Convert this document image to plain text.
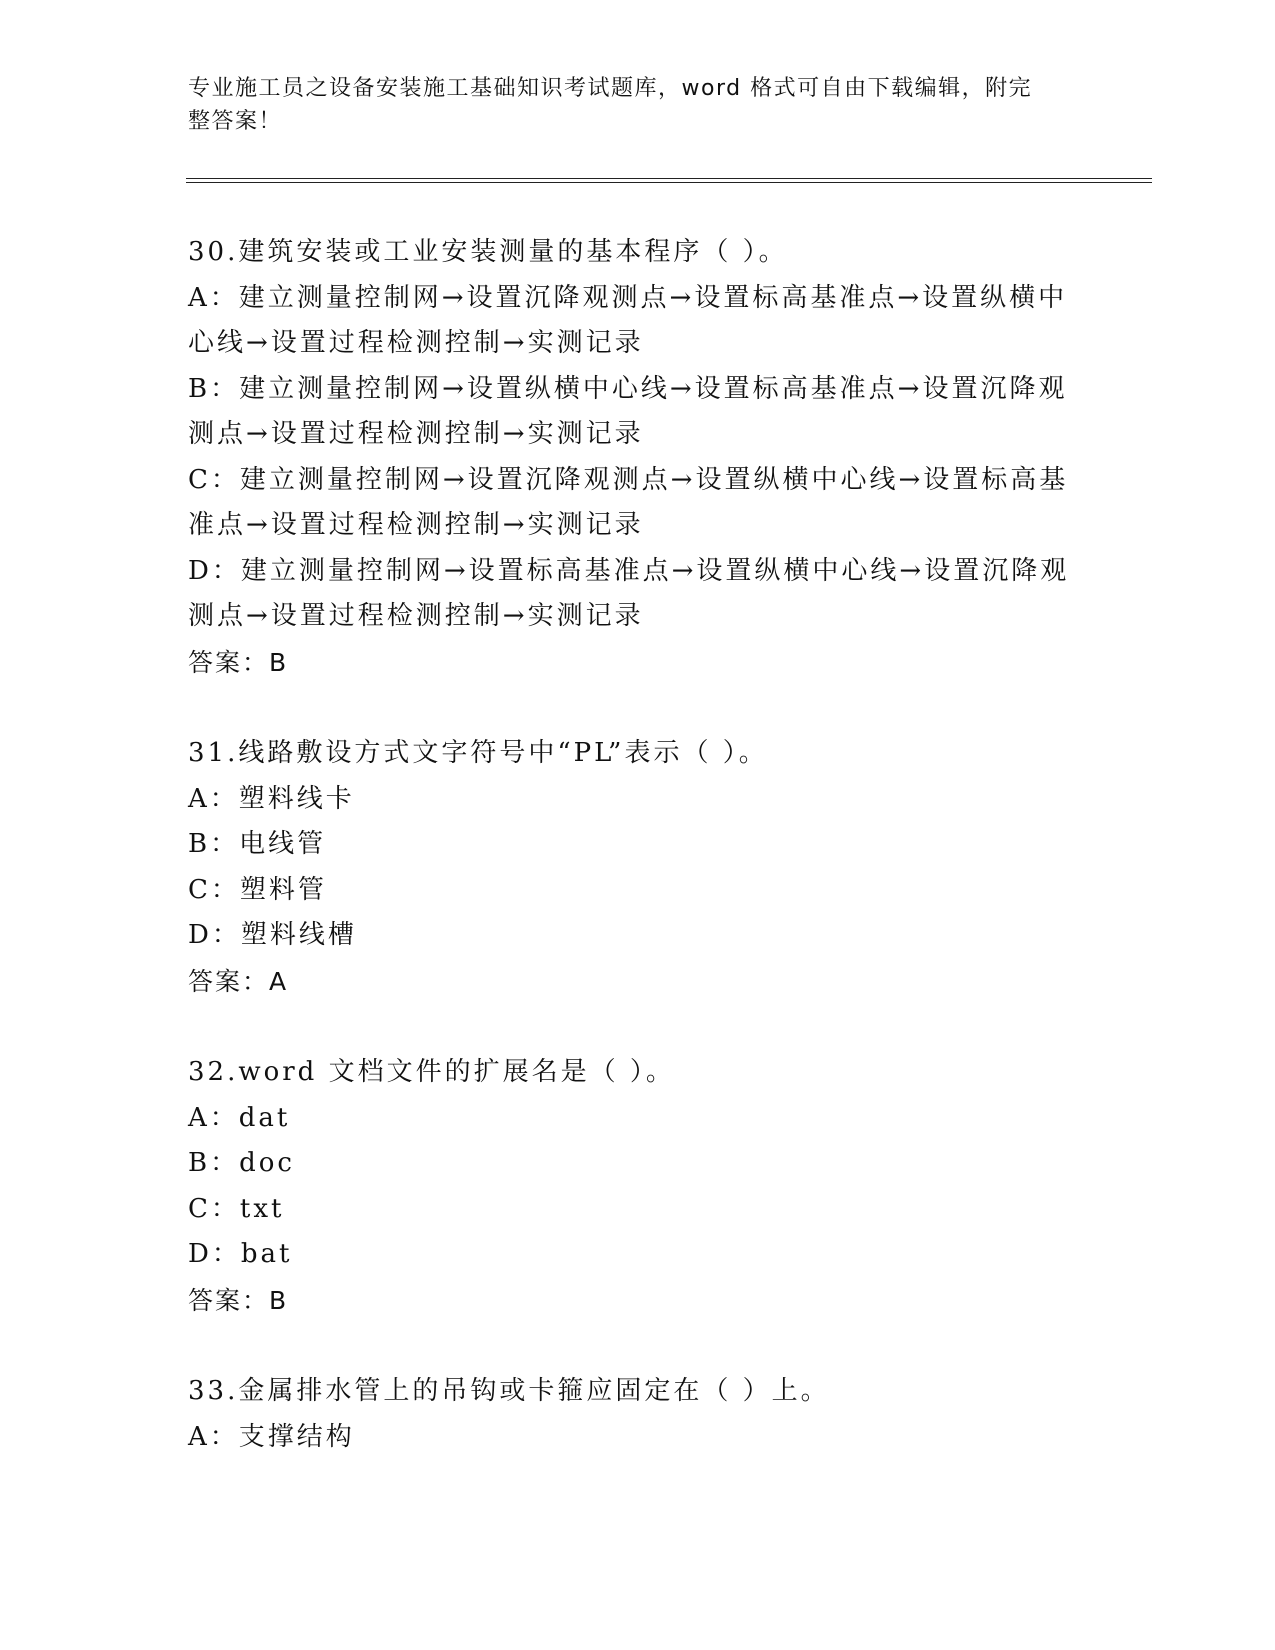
专业施工员之设备安装施工基础知识考试题库，word 格式可自由下载编辑，附完
整答案！

30.建筑安装或工业安装测量的基本程序（ ）。

A：建立测量控制网→设置沉降观测点→设置标高基准点→设置纵横中

心线→设置过程检测控制→实测记录

B：建立测量控制网→设置纵横中心线→设置标高基准点→设置沉降观

测点→设置过程检测控制→实测记录

C：建立测量控制网→设置沉降观测点→设置纵横中心线→设置标高基

准点→设置过程检测控制→实测记录

D：建立测量控制网→设置标高基准点→设置纵横中心线→设置沉降观

测点→设置过程检测控制→实测记录

答案：B

31.线路敷设方式文字符号中“PL”表示（ ）。

A：塑料线卡

B：电线管

C：塑料管

D：塑料线槽

答案：A

32.word 文档文件的扩展名是（ ）。

A：dat

B：doc

C：txt

D：bat

答案：B

33.金属排水管上的吊钩或卡箍应固定在（ ）上。

A：支撑结构
